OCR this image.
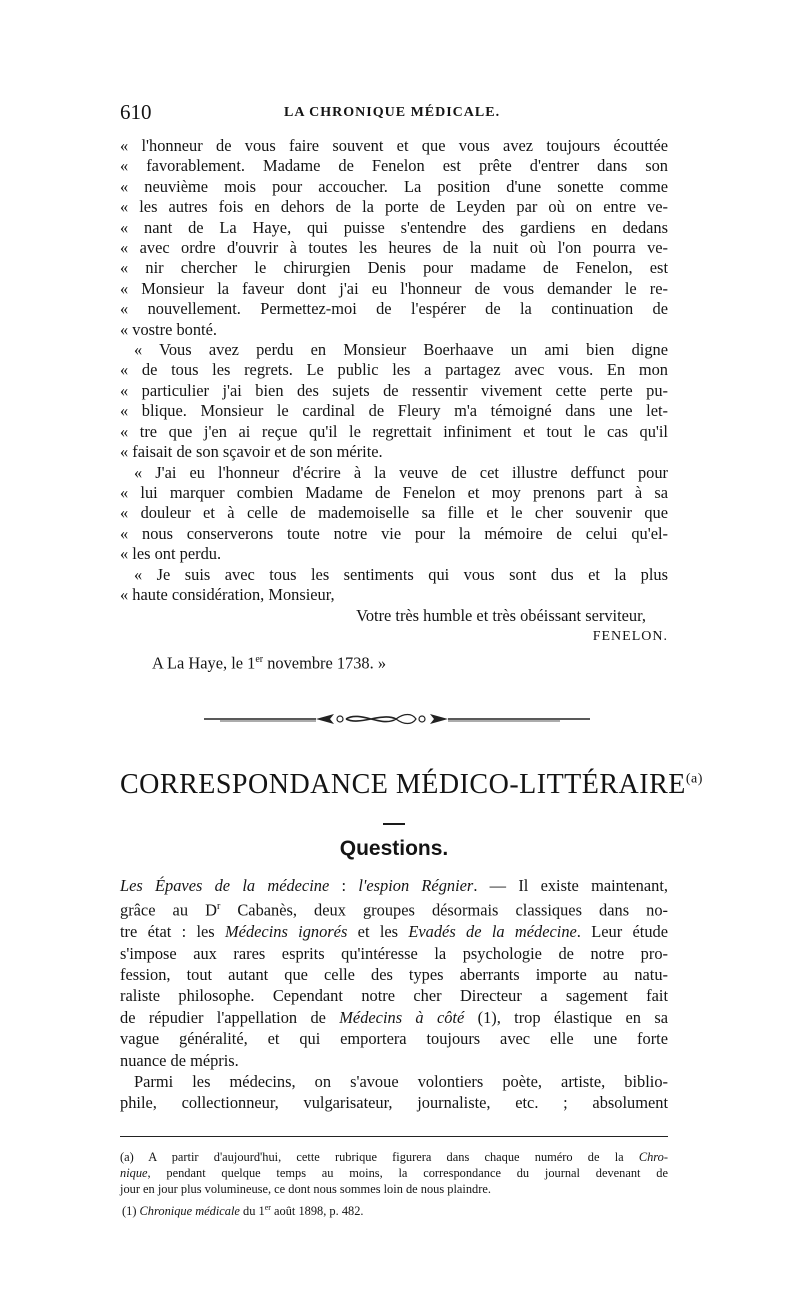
610	LA CHRONIQUE MÉDICALE.
« l'honneur de vous faire souvent et que vous avez toujours écouttée
« favorablement. Madame de Fenelon est prête d'entrer dans son
« neuvième mois pour accoucher. La position d'une sonette comme
« les autres fois en dehors de la porte de Leyden par où on entre ve-
« nant de La Haye, qui puisse s'entendre des gardiens en dedans
« avec ordre d'ouvrir à toutes les heures de la nuit où l'on pourra ve-
« nir chercher le chirurgien Denis pour madame de Fenelon, est
« Monsieur la faveur dont j'ai eu l'honneur de vous demander le re-
« nouvellement. Permettez-moi de l'espérer de la continuation de
« vostre bonté.
« Vous avez perdu en Monsieur Boerhaave un ami bien digne
« de tous les regrets. Le public les a partagez avec vous. En mon
« particulier j'ai bien des sujets de ressentir vivement cette perte pu-
« blique. Monsieur le cardinal de Fleury m'a témoigné dans une let-
« tre que j'en ai reçue qu'il le regrettait infiniment et tout le cas qu'il
« faisait de son sçavoir et de son mérite.
« J'ai eu l'honneur d'écrire à la veuve de cet illustre deffunct pour
« lui marquer combien Madame de Fenelon et moy prenons part à sa
« douleur et à celle de mademoiselle sa fille et le cher souvenir que
« nous conserverons toute notre vie pour la mémoire de celui qu'el-
« les ont perdu.
« Je suis avec tous les sentiments qui vous sont dus et la plus
« haute considération, Monsieur,
Votre très humble et très obéissant serviteur,
FENELON.
A La Haye, le 1er novembre 1738. »
CORRESPONDANCE MÉDICO-LITTÉRAIRE$^{(a)}$
Questions.
Les Épaves de la médecine : l'espion Régnier. — Il existe maintenant,
grâce au $D^r$ Cabanès, deux groupes désormais classiques dans no-
tre état : les Médecins ignorés et les Evadés de la médecine. Leur étude
s'impose aux rares esprits qu'intéresse la psychologie de notre pro-
fession, tout autant que celle des types aberrants importe au natu-
raliste philosophe. Cependant notre cher Directeur a sagement fait
de répudier l'appellation de Médecins à côté (1), trop élastique en sa
vague généralité, et qui emportera toujours avec elle une forte
nuance de mépris.
Parmi les médecins, on s'avoue volontiers poète, artiste, biblio-
phile, collectionneur, vulgarisateur, journaliste, etc. ; absolument
(a) A partir d'aujourd'hui, cette rubrique figurera dans chaque numéro de la Chro-
nique, pendant quelque temps au moins, la correspondance du journal devenant de
jour en jour plus volumineuse, ce dont nous sommes loin de nous plaindre.
(1) Chronique médicale du 1er août 1898, p. 482.
